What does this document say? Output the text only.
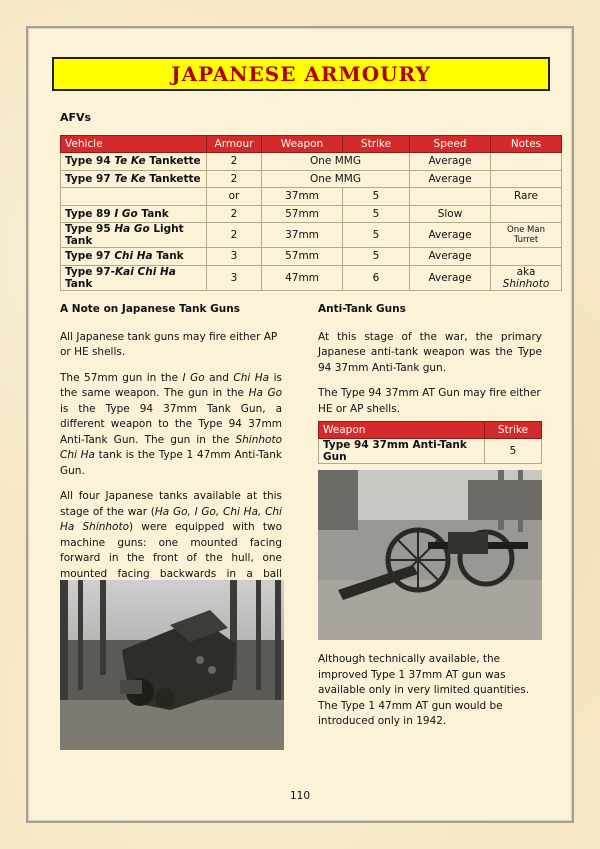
JAPANESE ARMOURY
AFVs
Vehicle	Armour	Weapon	Strike	Speed	Notes
Type 94 Te Ke Tankette	2	One MMG		Average	
Type 97 Te Ke Tankette	2	One MMG		Average	
	or	37mm	5		Rare
Type 89 I Go Tank	2	57mm	5	Slow	
Type 95 Ha Go Light Tank	2	37mm	5	Average	One Man Turret
Type 97 Chi Ha Tank	3	57mm	5	Average	
Type 97-Kai Chi Ha Tank	3	47mm	6	Average	aka Shinhoto
A Note on Japanese Tank Guns

All Japanese tank guns may fire either AP or HE shells.

The 57mm gun in the I Go and Chi Ha is the same weapon. The gun in the Ha Go is the Type 94 37mm Tank Gun, a different weapon to the Type 94 37mm Anti-Tank Gun. The gun in the Shinhoto Chi Ha tank is the Type 1 47mm Anti-Tank Gun.

All four Japanese tanks available at this stage of the war (Ha Go, I Go, Chi Ha, Chi Ha Shinhoto) were equipped with two machine guns: one mounted facing forward in the front of the hull, one mounted facing backwards in a ball

Anti-Tank Guns

At this stage of the war, the primary Japanese anti-tank weapon was the Type 94 37mm Anti-Tank gun.

The Type 94 37mm AT Gun may fire either HE or AP shells.

Weapon	Strike
Type 94 37mm Anti-Tank Gun	5

Although technically available, the improved Type 1 37mm AT gun was available only in very limited quantities. The Type 1 47mm AT gun would be introduced only in 1942.

110
